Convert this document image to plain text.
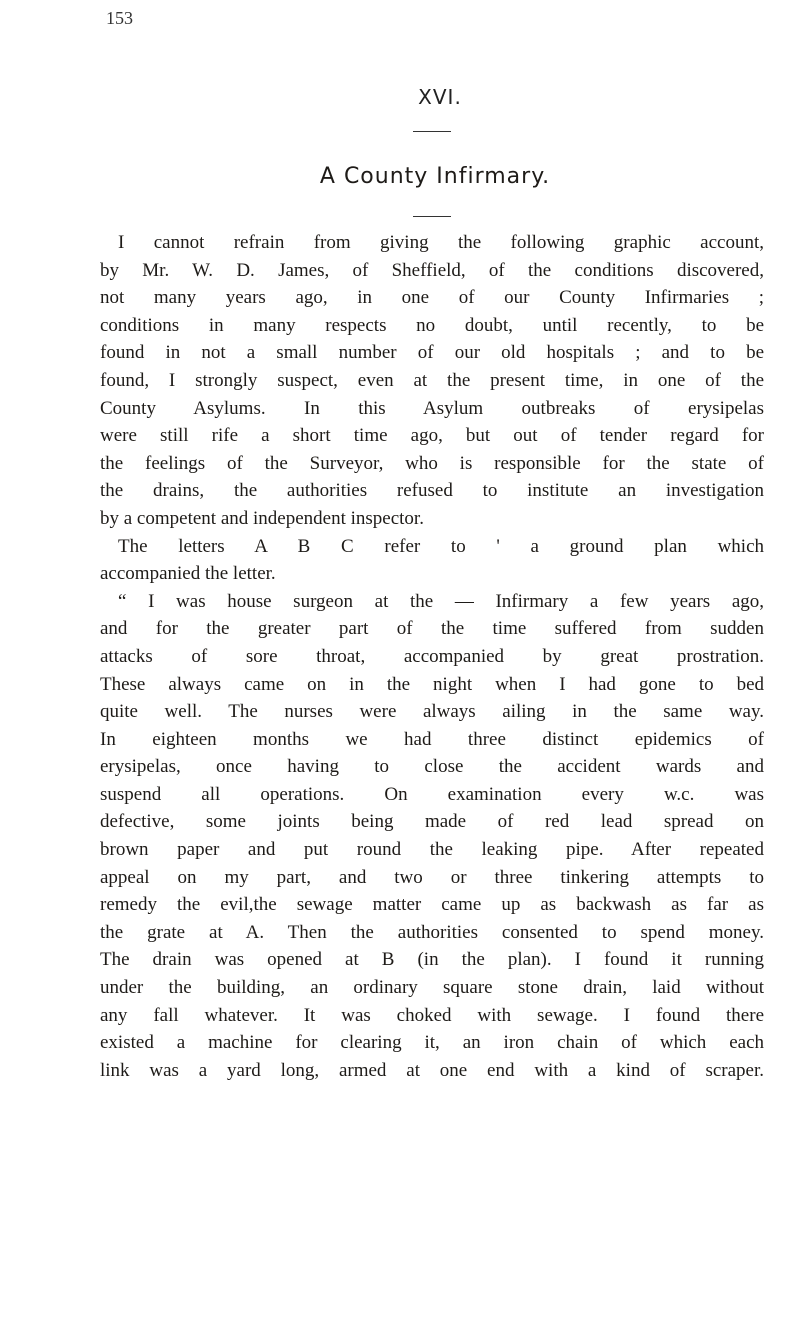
153
XVI.
A County Infirmary.
I cannot refrain from giving the following graphic account,
by Mr. W. D. James, of Sheffield, of the conditions discovered,
not many years ago, in one of our County Infirmaries ;
conditions in many respects no doubt, until recently, to be
found in not a small number of our old hospitals ; and to be
found, I strongly suspect, even at the present time, in one of the
County Asylums. In this Asylum outbreaks of erysipelas
were still rife a short time ago, but out of tender regard for
the feelings of the Surveyor, who is responsible for the state of
the drains, the authorities refused to institute an investigation
by a competent and independent inspector.
The letters A B C refer to ' a ground plan which
accompanied the letter.
“ I was house surgeon at the — Infirmary a few years ago,
and for the greater part of the time suffered from sudden
attacks of sore throat, accompanied by great prostration.
These always came on in the night when I had gone to bed
quite well. The nurses were always ailing in the same way.
In eighteen months we had three distinct epidemics of
erysipelas, once having to close the accident wards and
suspend all operations. On examination every w.c. was
defective, some joints being made of red lead spread on
brown paper and put round the leaking pipe. After repeated
appeal on my part, and two or three tinkering attempts to
remedy the evil,the sewage matter came up as backwash as far as
the grate at A. Then the authorities consented to spend money.
The drain was opened at B (in the plan). I found it running
under the building, an ordinary square stone drain, laid without
any fall whatever. It was choked with sewage. I found there
existed a machine for clearing it, an iron chain of which each
link was a yard long, armed at one end with a kind of scraper.
